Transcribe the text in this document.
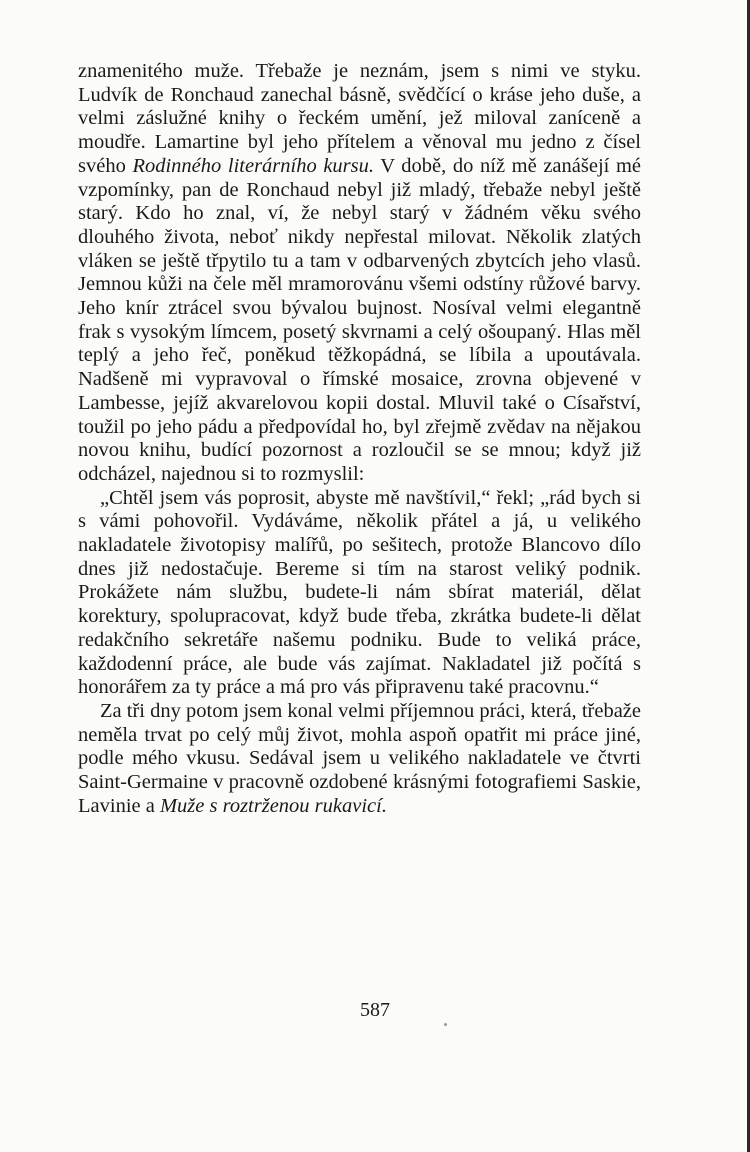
znamenitého muže. Třebaže je neznám, jsem s nimi ve styku. Ludvík de Ronchaud zanechal básně, svědčící o kráse jeho duše, a velmi záslužné knihy o řeckém umění, jež miloval zaníceně a moudře. Lamartine byl jeho přítelem a věnoval mu jedno z čísel svého Rodinného literárního kursu. V době, do níž mě zanášejí mé vzpomínky, pan de Ronchaud nebyl již mladý, třebaže nebyl ještě starý. Kdo ho znal, ví, že nebyl starý v žádném věku svého dlouhého života, neboť nikdy nepřestal milovat. Několik zlatých vláken se ještě třpytilo tu a tam v odbarvených zbytcích jeho vlasů. Jemnou kůži na čele měl mramorovánu všemi odstíny růžové barvy. Jeho knír ztrácel svou bývalou bujnost. Nosíval velmi elegantně frak s vysokým límcem, posetý skvrnami a celý ošoupaný. Hlas měl teplý a jeho řeč, poněkud těžkopádná, se líbila a upoutávala. Nadšeně mi vypravoval o římské mosaice, zrovna objevené v Lambesse, jejíž akvarelovou kopii dostal. Mluvil také o Císařství, toužil po jeho pádu a předpovídal ho, byl zřejmě zvědav na nějakou novou knihu, budící pozornost a rozloučil se se mnou; když již odcházel, najednou si to rozmyslil:

„Chtěl jsem vás poprosit, abyste mě navštívil,“ řekl; „rád bych si s vámi pohovořil. Vydáváme, několik přátel a já, u velikého nakladatele životopisy malířů, po sešitech, protože Blancovo dílo dnes již nedostačuje. Bereme si tím na starost veliký podnik. Prokážete nám službu, budete-li nám sbírat materiál, dělat korektury, spolupracovat, když bude třeba, zkrátka budete-li dělat redakčního sekretáře našemu podniku. Bude to veliká práce, každodenní práce, ale bude vás zajímat. Nakladatel již počítá s honorářem za ty práce a má pro vás připravenu také pracovnu.“

Za tři dny potom jsem konal velmi příjemnou práci, která, třebaže neměla trvat po celý můj život, mohla aspoň opatřit mi práce jiné, podle mého vkusu. Sedával jsem u velikého nakladatele ve čtvrti Saint-Germaine v pracovně ozdobené krásnými fotografiemi Saskie, Lavinie a Muže s roztrženou rukavicí.

587
